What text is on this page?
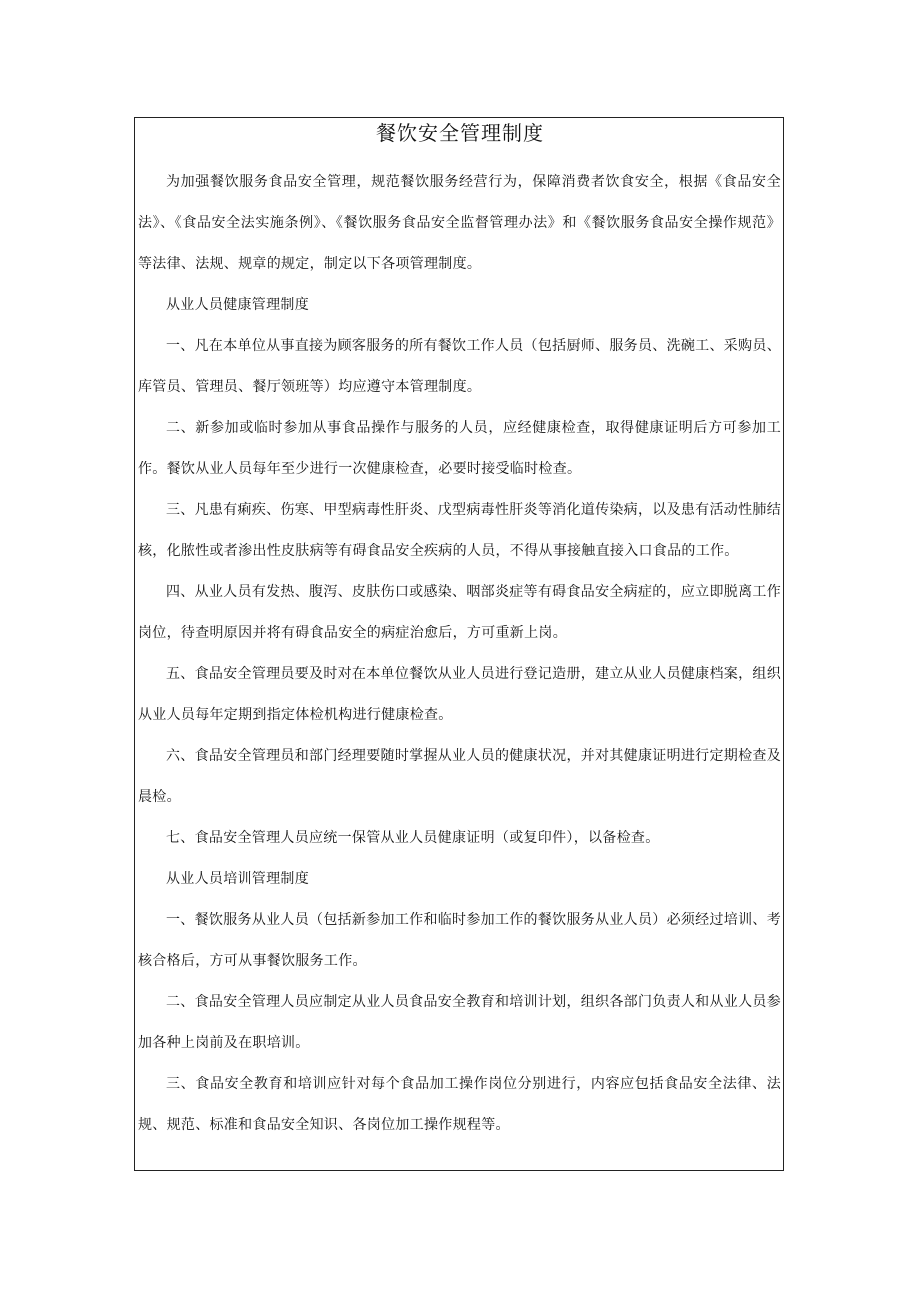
餐饮安全管理制度

为加强餐饮服务食品安全管理，规范餐饮服务经营行为，保障消费者饮食安全，根据《食品安全法》、《食品安全法实施条例》、《餐饮服务食品安全监督管理办法》和《餐饮服务食品安全操作规范》等法律、法规、规章的规定，制定以下各项管理制度。

从业人员健康管理制度

一、凡在本单位从事直接为顾客服务的所有餐饮工作人员（包括厨师、服务员、洗碗工、采购员、库管员、管理员、餐厅领班等）均应遵守本管理制度。

二、新参加或临时参加从事食品操作与服务的人员，应经健康检查，取得健康证明后方可参加工作。餐饮从业人员每年至少进行一次健康检查，必要时接受临时检查。

三、凡患有痢疾、伤寒、甲型病毒性肝炎、戊型病毒性肝炎等消化道传染病，以及患有活动性肺结核，化脓性或者渗出性皮肤病等有碍食品安全疾病的人员，不得从事接触直接入口食品的工作。

四、从业人员有发热、腹泻、皮肤伤口或感染、咽部炎症等有碍食品安全病症的，应立即脱离工作岗位，待查明原因并将有碍食品安全的病症治愈后，方可重新上岗。

五、食品安全管理员要及时对在本单位餐饮从业人员进行登记造册，建立从业人员健康档案，组织从业人员每年定期到指定体检机构进行健康检查。

六、食品安全管理员和部门经理要随时掌握从业人员的健康状况，并对其健康证明进行定期检查及晨检。

七、食品安全管理人员应统一保管从业人员健康证明（或复印件），以备检查。

从业人员培训管理制度

一、餐饮服务从业人员（包括新参加工作和临时参加工作的餐饮服务从业人员）必须经过培训、考核合格后，方可从事餐饮服务工作。

二、食品安全管理人员应制定从业人员食品安全教育和培训计划，组织各部门负责人和从业人员参加各种上岗前及在职培训。

三、食品安全教育和培训应针对每个食品加工操作岗位分别进行，内容应包括食品安全法律、法规、规范、标准和食品安全知识、各岗位加工操作规程等。
